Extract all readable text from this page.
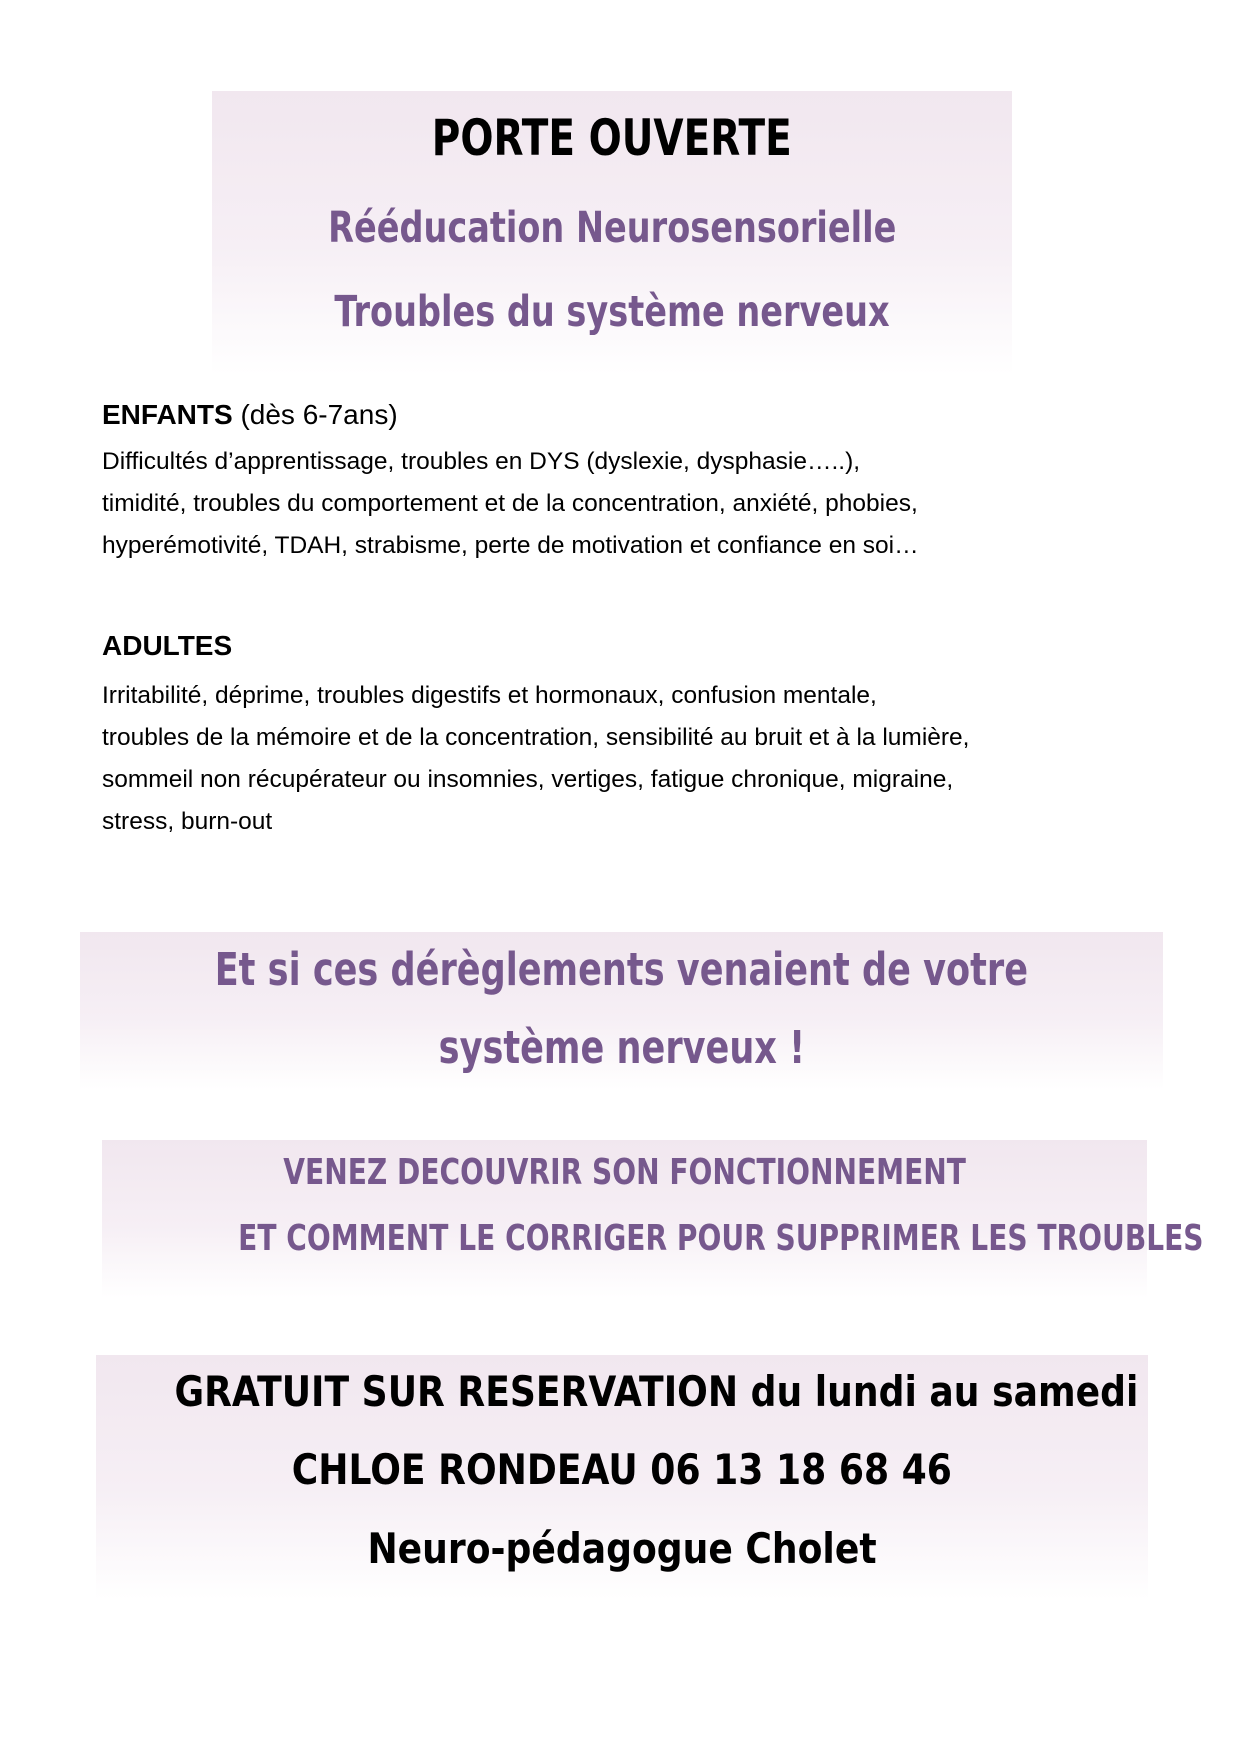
PORTE OUVERTE
Rééducation Neurosensorielle
Troubles du système nerveux
ENFANTS (dès 6-7ans)
Difficultés d’apprentissage, troubles en DYS (dyslexie, dysphasie…..),
timidité, troubles du comportement et de la concentration, anxiété, phobies,
hyperémotivité, TDAH, strabisme, perte de motivation et confiance en soi…
ADULTES
Irritabilité, déprime, troubles digestifs et hormonaux, confusion mentale,
troubles de la mémoire et de la concentration, sensibilité au bruit et à la lumière,
sommeil non récupérateur ou insomnies, vertiges, fatigue chronique, migraine,
stress, burn-out
Et si ces dérèglements venaient de votre
système nerveux !
VENEZ DECOUVRIR SON FONCTIONNEMENT
ET COMMENT LE CORRIGER POUR SUPPRIMER LES TROUBLES
GRATUIT SUR RESERVATION du lundi au samedi
CHLOE RONDEAU 06 13 18 68 46
Neuro-pédagogue Cholet
